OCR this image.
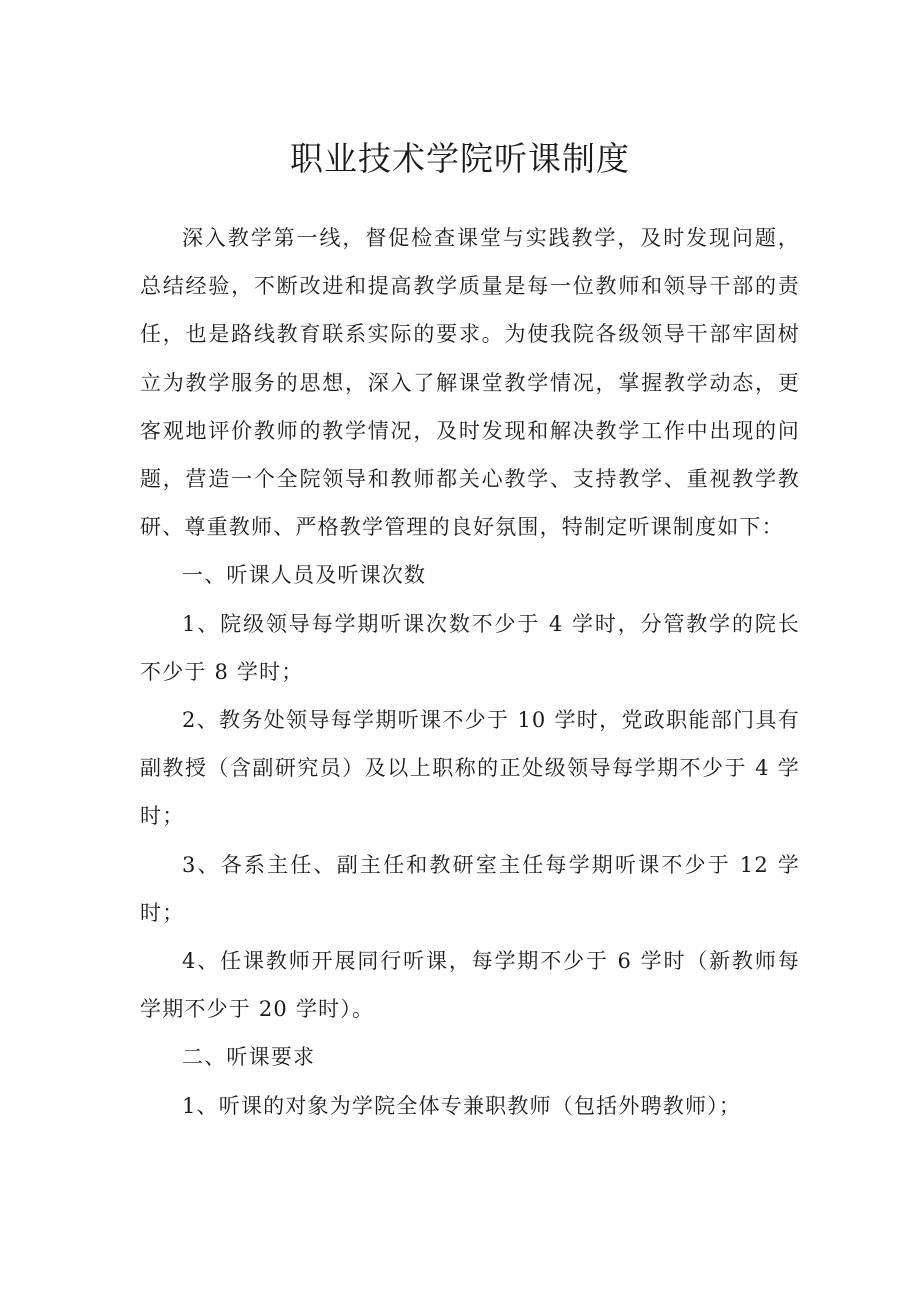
职业技术学院听课制度

深入教学第一线，督促检查课堂与实践教学，及时发现问题，总结经验，不断改进和提高教学质量是每一位教师和领导干部的责任，也是路线教育联系实际的要求。为使我院各级领导干部牢固树立为教学服务的思想，深入了解课堂教学情况，掌握教学动态，更客观地评价教师的教学情况，及时发现和解决教学工作中出现的问题，营造一个全院领导和教师都关心教学、支持教学、重视教学教研、尊重教师、严格教学管理的良好氛围，特制定听课制度如下：

一、听课人员及听课次数

1、院级领导每学期听课次数不少于 4 学时，分管教学的院长不少于 8 学时；

2、教务处领导每学期听课不少于 10 学时，党政职能部门具有副教授（含副研究员）及以上职称的正处级领导每学期不少于 4 学时；

3、各系主任、副主任和教研室主任每学期听课不少于 12 学时；

4、任课教师开展同行听课，每学期不少于 6 学时（新教师每学期不少于 20 学时）。

二、听课要求

1、听课的对象为学院全体专兼职教师（包括外聘教师）；
